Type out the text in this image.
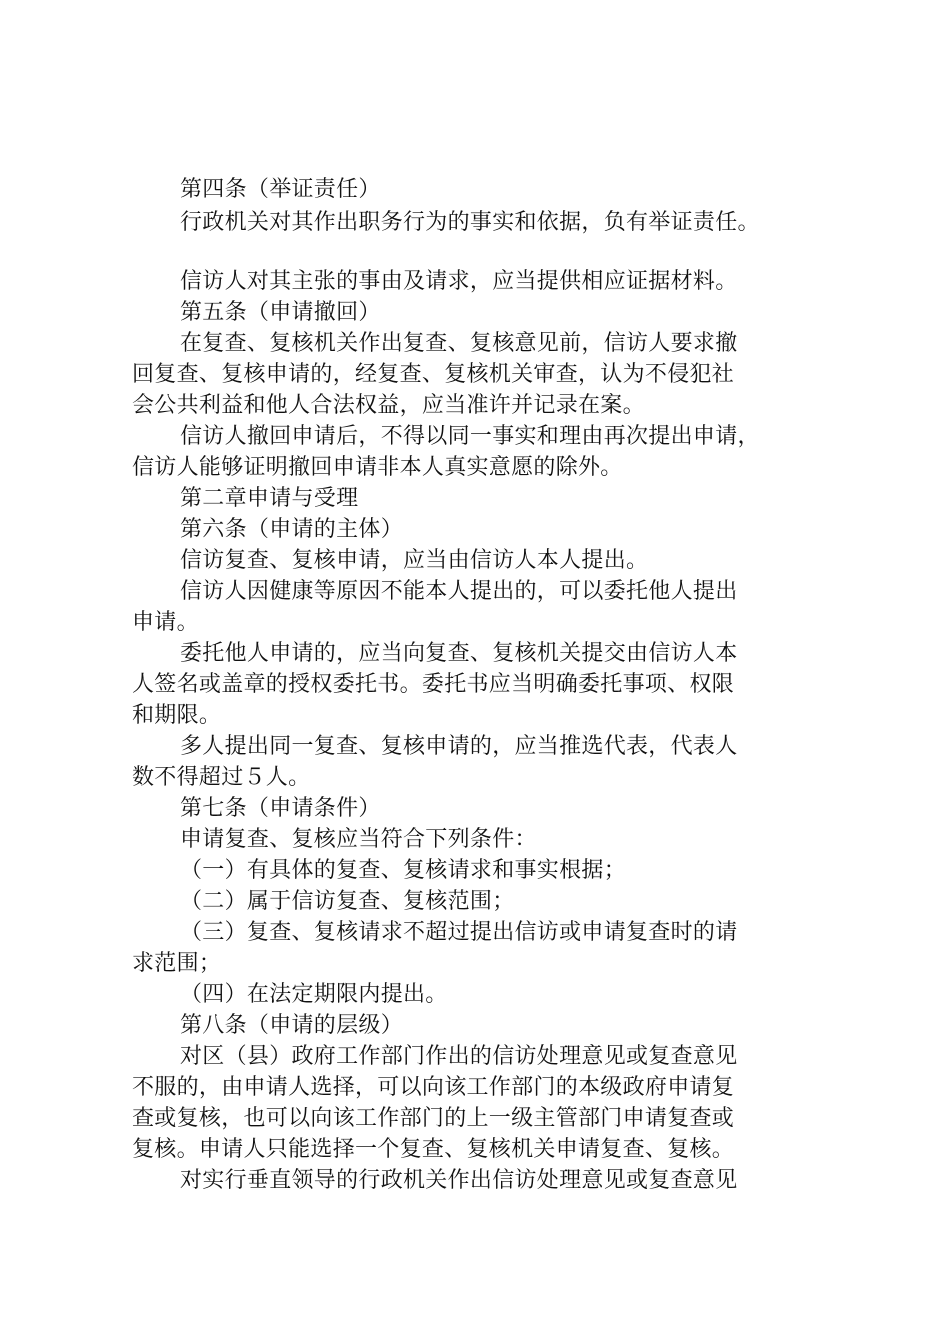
第四条（举证责任）
行政机关对其作出职务行为的事实和依据，负有举证责任。
信访人对其主张的事由及请求，应当提供相应证据材料。
第五条（申请撤回）
在复查、复核机关作出复查、复核意见前，信访人要求撤
回复查、复核申请的，经复查、复核机关审查，认为不侵犯社
会公共利益和他人合法权益，应当准许并记录在案。
信访人撤回申请后，不得以同一事实和理由再次提出申请，
信访人能够证明撤回申请非本人真实意愿的除外。
第二章申请与受理
第六条（申请的主体）
信访复查、复核申请，应当由信访人本人提出。
信访人因健康等原因不能本人提出的，可以委托他人提出
申请。
委托他人申请的，应当向复查、复核机关提交由信访人本
人签名或盖章的授权委托书。委托书应当明确委托事项、权限
和期限。
多人提出同一复查、复核申请的，应当推选代表，代表人
数不得超过５人。
第七条（申请条件）
申请复查、复核应当符合下列条件：
（一）有具体的复查、复核请求和事实根据；
（二）属于信访复查、复核范围；
（三）复查、复核请求不超过提出信访或申请复查时的请
求范围；
（四）在法定期限内提出。
第八条（申请的层级）
对区（县）政府工作部门作出的信访处理意见或复查意见
不服的，由申请人选择，可以向该工作部门的本级政府申请复
查或复核，也可以向该工作部门的上一级主管部门申请复查或
复核。申请人只能选择一个复查、复核机关申请复查、复核。
对实行垂直领导的行政机关作出信访处理意见或复查意见
